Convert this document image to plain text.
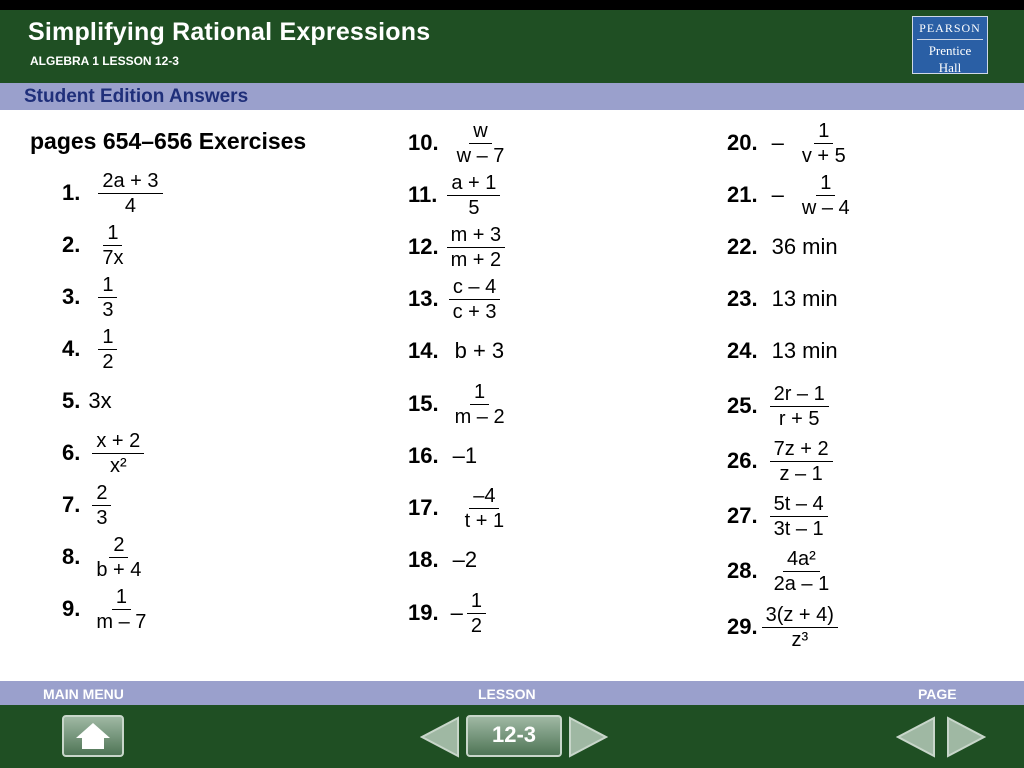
Simplifying Rational Expressions
ALGEBRA 1 LESSON 12-3
PEARSON
Prentice
Hall
Student Edition Answers
pages 654–656 Exercises
1. $\frac{2a + 3}{4}$
2. $\frac{1}{7x}$
3. $\frac{1}{3}$
4. $\frac{1}{2}$
5. 3x
6. $\frac{x + 2}{\text{x²}}$
7. $\frac{2}{3}$
8. $\frac{2}{b + 4}$
9. $\frac{1}{m - 7}$
10. $\frac{w}{w - 7}$
11. $\frac{a + 1}{5}$
12. $\frac{m + 3}{m + 2}$
13. $\frac{c - 4}{c + 3}$
14. b + 3
15. $\frac{1}{m - 2}$
16. –1
17. $\frac{-4}{t + 1}$
18. –2
19. – $\frac{1}{2}$
20. – $\frac{1}{v + 5}$
21. – $\frac{1}{w - 4}$
22. 36 min
23. 13 min
24. 13 min
25. $\frac{2r - 1}{r + 5}$
26. $\frac{7z + 2}{z - 1}$
27. $\frac{5t - 4}{3t - 1}$
28. $\frac{\text{4a²}}{2a - 1}$
29. $\frac{3(z + 4)}{\text{z³}}$
MAIN MENU	LESSON	PAGE
12-3
